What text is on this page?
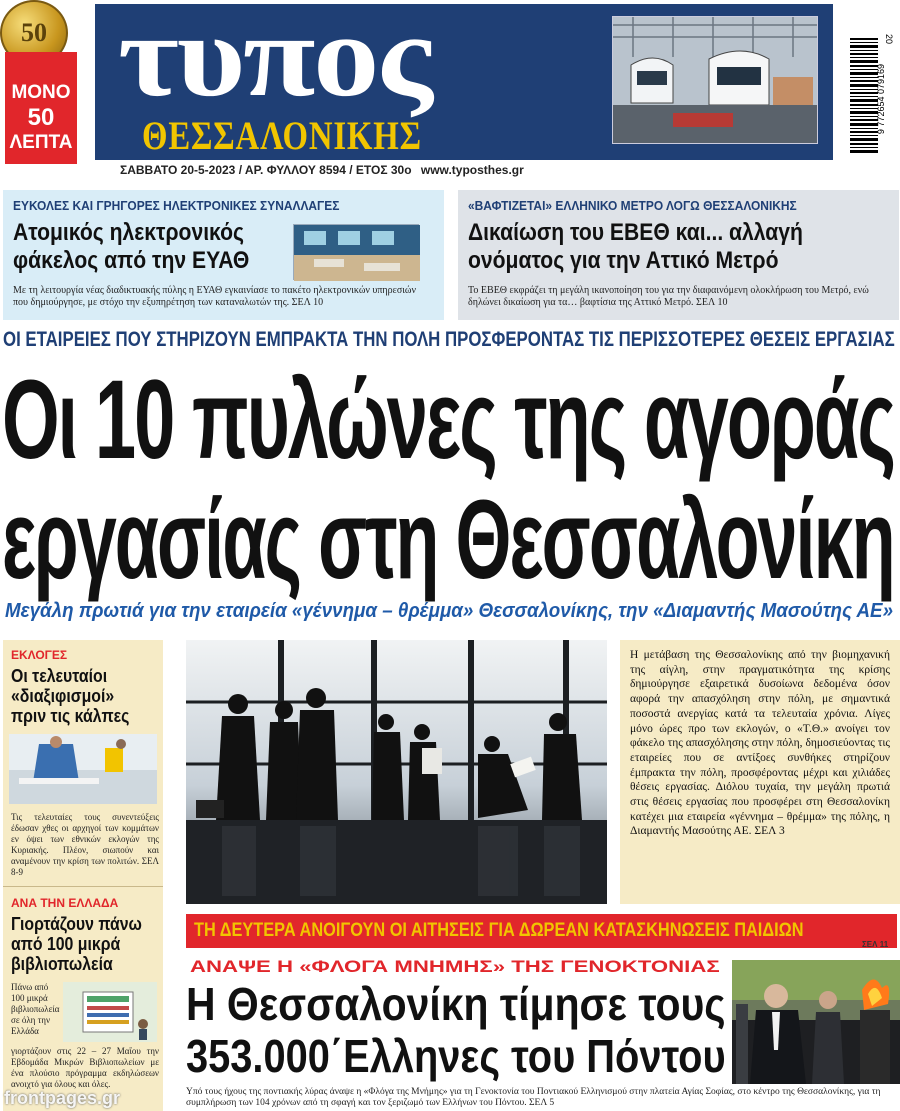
50
ΜΟΝΟ
50
ΛΕΠΤΑ
τυπος
ΘΕΣΣΑΛΟΝΙΚΗΣ
20
9 772654 079169
ΣΑΒΒΑΤΟ 20-5-2023 / ΑΡ. ΦΥΛΛΟΥ 8594 / ΕΤΟΣ 30ο www.typosthes.gr
ΕΥΚΟΛΕΣ ΚΑΙ ΓΡΗΓΟΡΕΣ ΗΛΕΚΤΡΟΝΙΚΕΣ ΣΥΝΑΛΛΑΓΕΣ
Ατομικός ηλεκτρονικός
φάκελος από την ΕΥΑΘ
Με τη λειτουργία νέας διαδικτυακής πύλης η ΕΥΑΘ εγκαινίασε το πακέτο ηλεκτρονικών υπηρεσιών που δημιούργησε, με στόχο την εξυπηρέτηση των καταναλωτών της. ΣΕΛ 10
«ΒΑΦΤΙΖΕΤΑΙ» ΕΛΛΗΝΙΚΟ ΜΕΤΡΟ ΛΟΓΩ ΘΕΣΣΑΛΟΝΙΚΗΣ
Δικαίωση του ΕΒΕΘ και... αλλαγή
ονόματος για την Αττικό Μετρό
Το ΕΒΕΘ εκφράζει τη μεγάλη ικανοποίηση του για την διαφαινόμενη ολοκλήρωση του Μετρό, ενώ δηλώνει δικαίωση για τα… βαφτίσια της Αττικό Μετρό. ΣΕΛ 10
ΟΙ ΕΤΑΙΡΕΙΕΣ ΠΟΥ ΣΤΗΡΙΖΟΥΝ ΕΜΠΡΑΚΤΑ ΤΗΝ ΠΟΛΗ ΠΡΟΣΦΕΡΟΝΤΑΣ ΤΙΣ ΠΕΡΙΣΣΟΤΕΡΕΣ ΘΕΣΕΙΣ ΕΡΓΑΣΙΑΣ
Οι 10 πυλώνες της αγοράς
εργασίας στη Θεσσαλονίκη
Μεγάλη πρωτιά για την εταιρεία «γέννημα – θρέμμα» Θεσσαλονίκης, την «Διαμαντής Μασούτης ΑΕ»
ΕΚΛΟΓΕΣ
Οι τελευταίοι
«διαξιφισμοί»
πριν τις κάλπες
Τις τελευταίες τους συνεντεύξεις έδωσαν χθες οι αρχηγοί των κομμάτων εν όψει των εθνικών εκλογών της Κυριακής. Πλέον, σιωπούν και αναμένουν την κρίση των πολιτών. ΣΕΛ 8-9
ΑΝΑ ΤΗΝ ΕΛΛΑΔΑ
Γιορτάζουν πάνω
από 100 μικρά
βιβλιοπωλεία
Πάνω από 100 μικρά βιβλιοπωλεία σε όλη την Ελλάδα
γιορτάζουν στις 22 – 27 Μαΐου την Εβδομάδα Μικρών Βιβλιοπωλείων με ένα πλούσιο πρόγραμμα εκδηλώσεων ανοιχτό για όλους και όλες.
Η μετάβαση της Θεσσαλονίκης από την βιομηχανική της αίγλη, στην πραγματικότητα της κρίσης δημιούργησε εξαιρετικά δυσοίωνα δεδομένα όσον αφορά την απασχόληση στην πόλη, με σημαντικά ποσοστά ανεργίας κατά τα τελευταία χρόνια. Λίγες μόνο ώρες προ των εκλογών, ο «Τ.Θ.» ανοίγει τον φάκελο της απασχόλησης στην πόλη, δημοσιεύοντας τις εταιρείες που σε αντίξοες συνθήκες στηρίζουν έμπρακτα την πόλη, προσφέροντας μέχρι και χιλιάδες θέσεις εργασίας. Διόλου τυχαία, την μεγάλη πρωτιά στις θέσεις εργασίας που προσφέρει στη Θεσσαλονίκη κατέχει μια εταιρεία «γέννημα – θρέμμα» της πόλης, η Διαμαντής Μασούτης ΑΕ. ΣΕΛ 3
ΤΗ ΔΕΥΤΕΡΑ ΑΝΟΙΓΟΥΝ ΟΙ ΑΙΤΗΣΕΙΣ ΓΙΑ ΔΩΡΕΑΝ ΚΑΤΑΣΚΗΝΩΣΕΙΣ ΠΑΙΔΙΩΝ
ΣΕΛ 11
ΑΝΑΨΕ Η «ΦΛΟΓΑ ΜΝΗΜΗΣ» ΤΗΣ ΓΕΝΟΚΤΟΝΙΑΣ
Η Θεσσαλονίκη τίμησε τους
353.000΄Ελληνες του Πόντου
Υπό τους ήχους της ποντιακής λύρας άναψε η «Φλόγα της Μνήμης» για τη Γενοκτονία του Ποντιακού Ελληνισμού στην πλατεία Αγίας Σοφίας, στο κέντρο της Θεσσαλονίκης, για τη συμπλήρωση των 104 χρόνων από τη σφαγή και τον ξεριζωμό των Ελλήνων του Πόντου. ΣΕΛ 5
frontpages.gr
